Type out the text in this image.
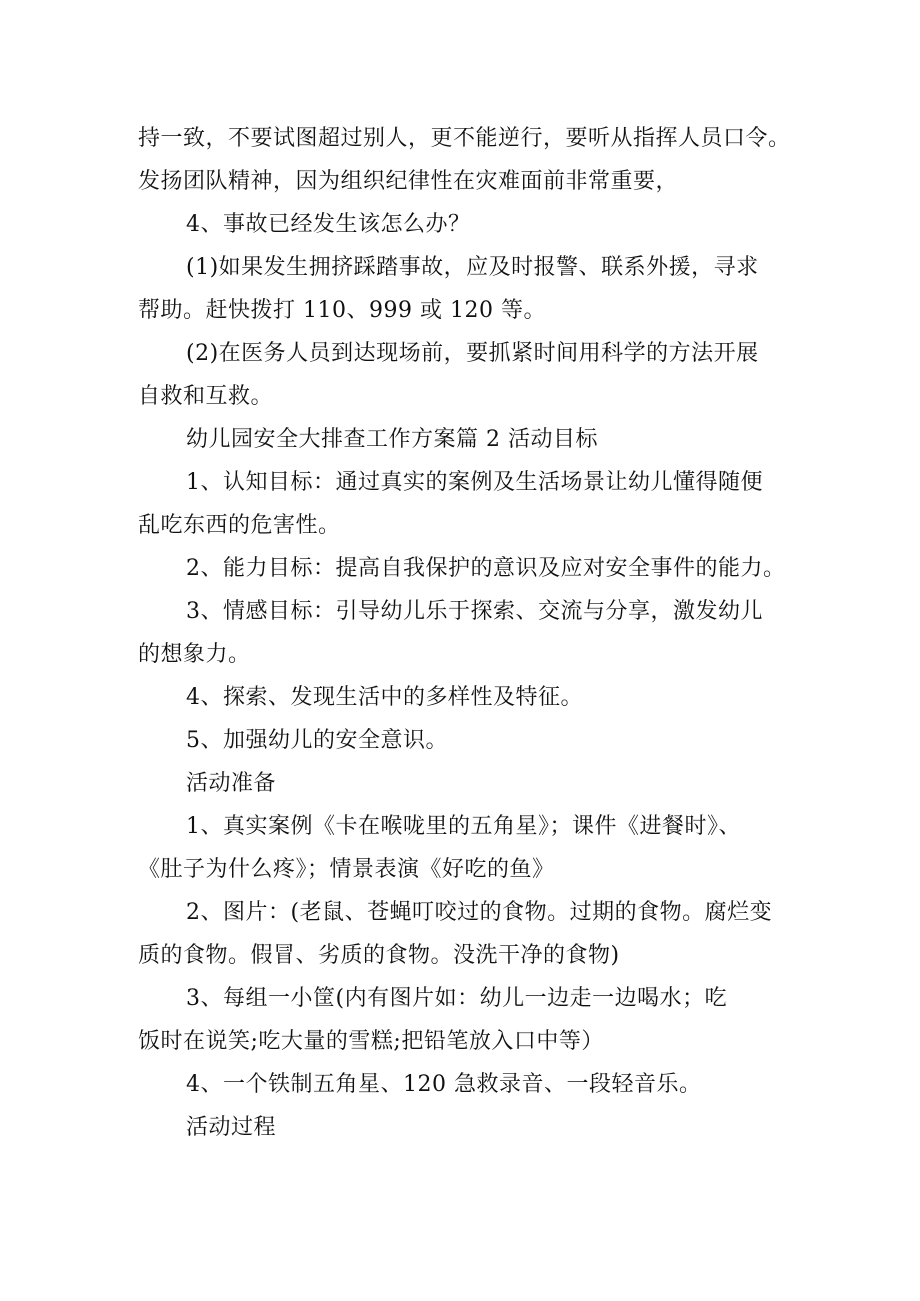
持一致，不要试图超过别人，更不能逆行，要听从指挥人员口令。
发扬团队精神，因为组织纪律性在灾难面前非常重要，
4、事故已经发生该怎么办？
(1)如果发生拥挤踩踏事故，应及时报警、联系外援，寻求
帮助。赶快拨打 110、999 或 120 等。
(2)在医务人员到达现场前，要抓紧时间用科学的方法开展
自救和互救。
幼儿园安全大排查工作方案篇 2 活动目标
1、认知目标：通过真实的案例及生活场景让幼儿懂得随便
乱吃东西的危害性。
2、能力目标：提高自我保护的意识及应对安全事件的能力。
3、情感目标：引导幼儿乐于探索、交流与分享，激发幼儿
的想象力。
4、探索、发现生活中的多样性及特征。
5、加强幼儿的安全意识。
活动准备
1、真实案例《卡在喉咙里的五角星》；课件《进餐时》、
《肚子为什么疼》；情景表演《好吃的鱼》
2、图片：(老鼠、苍蝇叮咬过的食物。过期的食物。腐烂变
质的食物。假冒、劣质的食物。没洗干净的食物)
3、每组一小筐(内有图片如：幼儿一边走一边喝水；吃
饭时在说笑;吃大量的雪糕;把铅笔放入口中等）
4、一个铁制五角星、120 急救录音、一段轻音乐。
活动过程
